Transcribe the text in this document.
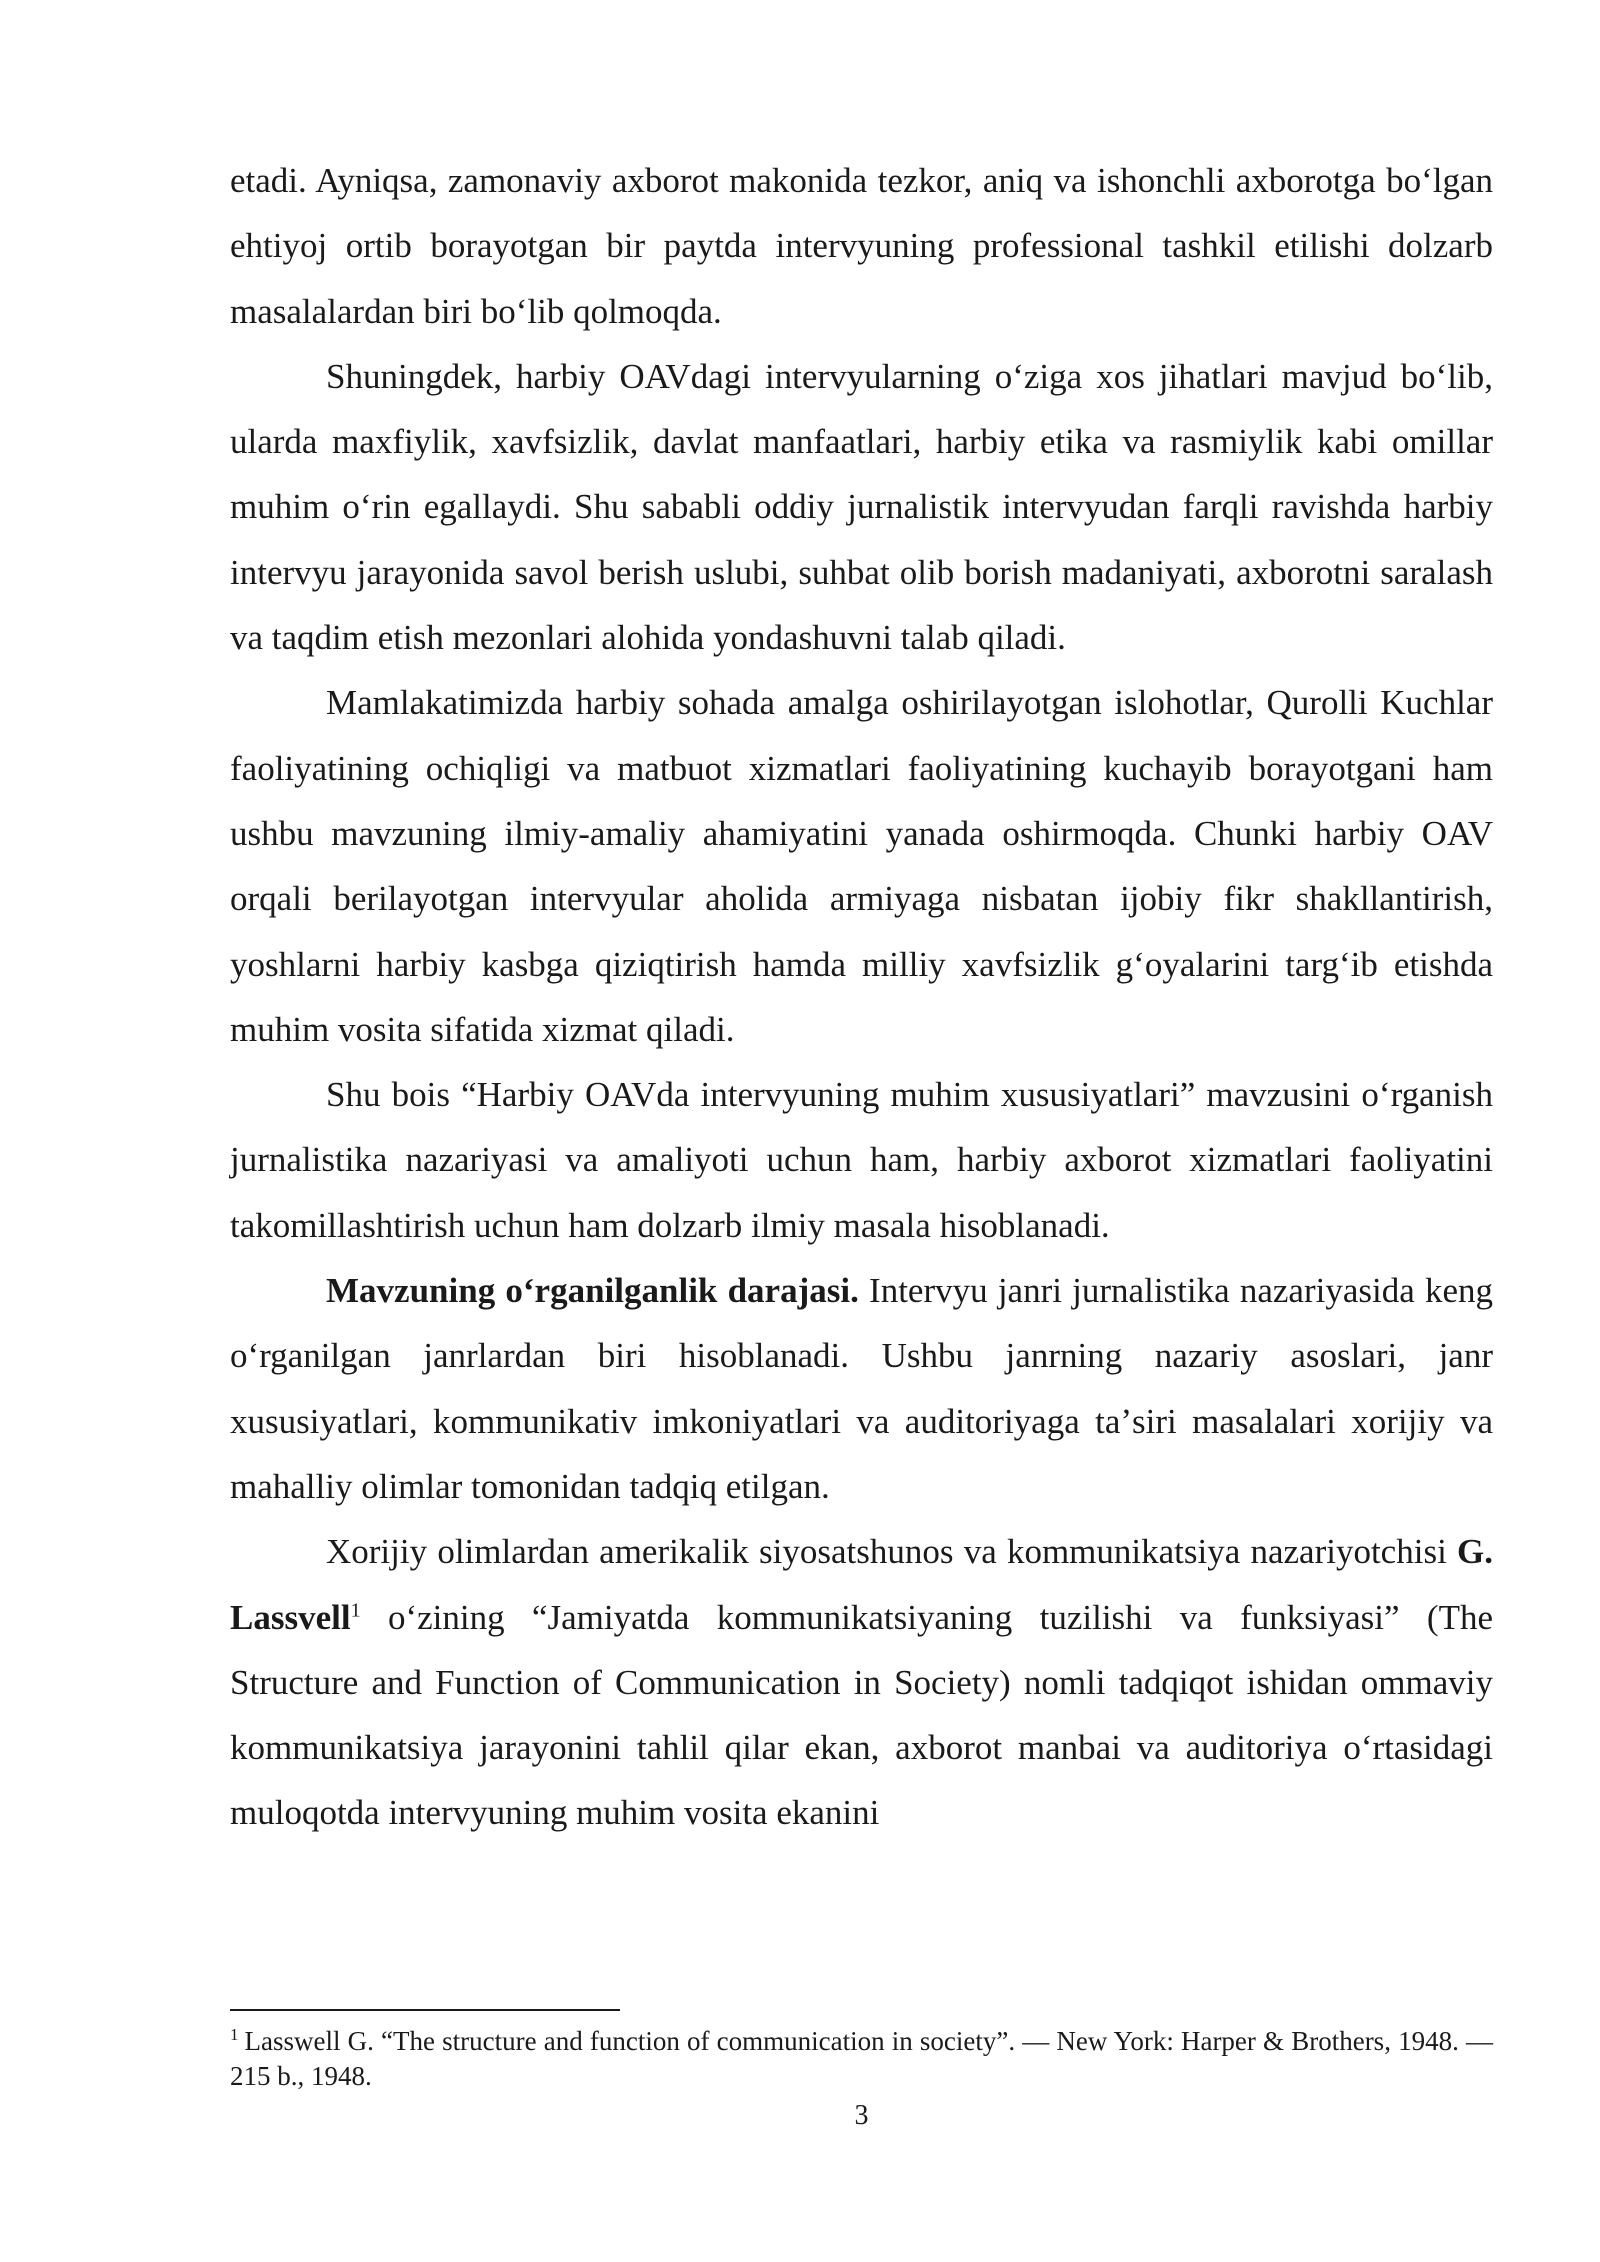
etadi. Ayniqsa, zamonaviy axborot makonida tezkor, aniq va ishonchli axborotga boʻlgan ehtiyoj ortib borayotgan bir paytda intervyuning professional tashkil etilishi dolzarb masalalardan biri boʻlib qolmoqda.

Shuningdek, harbiy OAVdagi intervyularning oʻziga xos jihatlari mavjud boʻlib, ularda maxfiylik, xavfsizlik, davlat manfaatlari, harbiy etika va rasmiylik kabi omillar muhim oʻrin egallaydi. Shu sababli oddiy jurnalistik intervyudan farqli ravishda harbiy intervyu jarayonida savol berish uslubi, suhbat olib borish madaniyati, axborotni saralash va taqdim etish mezonlari alohida yondashuvni talab qiladi.

Mamlakatimizda harbiy sohada amalga oshirilayotgan islohotlar, Qurolli Kuchlar faoliyatining ochiqligi va matbuot xizmatlari faoliyatining kuchayib borayotgani ham ushbu mavzuning ilmiy-amaliy ahamiyatini yanada oshirmoqda. Chunki harbiy OAV orqali berilayotgan intervyular aholida armiyaga nisbatan ijobiy fikr shakllantirish, yoshlarni harbiy kasbga qiziqtirish hamda milliy xavfsizlik gʻoyalarini targʻib etishda muhim vosita sifatida xizmat qiladi.

Shu bois “Harbiy OAVda intervyuning muhim xususiyatlari” mavzusini oʻrganish jurnalistika nazariyasi va amaliyoti uchun ham, harbiy axborot xizmatlari faoliyatini takomillashtirish uchun ham dolzarb ilmiy masala hisoblanadi.

Mavzuning oʻrganilganlik darajasi. Intervyu janri jurnalistika nazariyasida keng oʻrganilgan janrlardan biri hisoblanadi. Ushbu janrning nazariy asoslari, janr xususiyatlari, kommunikativ imkoniyatlari va auditoriyaga taʼsiri masalalari xorijiy va mahalliy olimlar tomonidan tadqiq etilgan.

Xorijiy olimlardan amerikalik siyosatshunos va kommunikatsiya nazariyotchisi G. Lassvell$^1$ oʻzining “Jamiyatda kommunikatsiyaning tuzilishi va funksiyasi” (The Structure and Function of Communication in Society) nomli tadqiqot ishidan ommaviy kommunikatsiya jarayonini tahlil qilar ekan, axborot manbai va auditoriya oʻrtasidagi muloqotda intervyuning muhim vosita ekanini

$^1$ Lasswell G. “The structure and function of communication in society”. — New York: Harper & Brothers, 1948. — 215 b., 1948.

3
